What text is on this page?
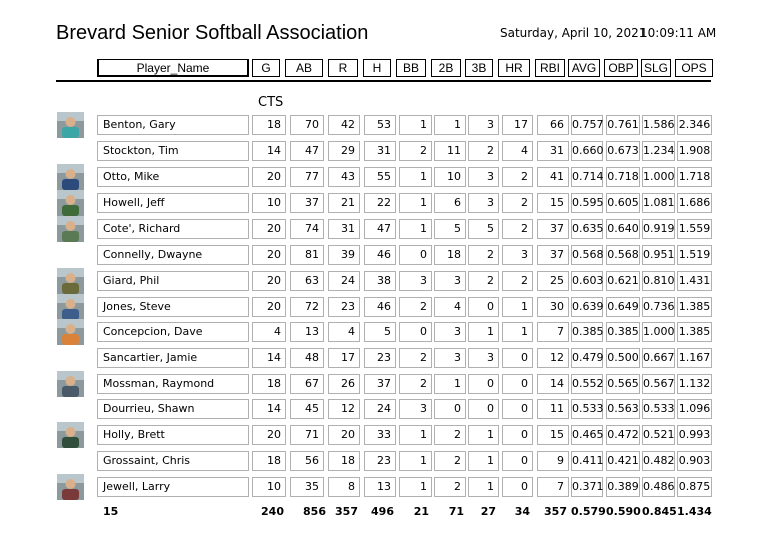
Brevard Senior Softball Association	Saturday, April 10, 2021
10:09:11 AM
Player_Name	G	AB	R	H	BB	2B	3B	HR	RBI AVG	OBP SLG	OPS
CTS
Benton, Gary	18	70	42	53	1	1	3	17	66 0.757 0.761 1.586 2.346
Stockton, Tim	14	47	29	31	2	11	2	4	31 0.660 0.673 1.234 1.908
Otto, Mike	20	77	43	55	1	10	3	2	41 0.714 0.718 1.000 1.718
Howell, Jeff	10	37	21	22	1	6	3	2	15 0.595 0.605 1.081 1.686
Cote', Richard	20	74	31	47	1	5	5	2	37 0.635 0.640 0.919 1.559
Connelly, Dwayne	20	81	39	46	0	18	2	3	37 0.568 0.568 0.951 1.519
Giard, Phil	20	63	24	38	3	3	2	2	25 0.603 0.621 0.810 1.431
Jones, Steve	20	72	23	46	2	4	0	1	30 0.639 0.649 0.736 1.385
Concepcion, Dave	4	13	4	5	0	3	1	1	7 0.385 0.385 1.000 1.385
Sancartier, Jamie	14	48	17	23	2	3	3	0	12 0.479 0.500 0.667 1.167
Mossman, Raymond	18	67	26	37	2	1	0	0	14 0.552 0.565 0.567 1.132
Dourrieu, Shawn	14	45	12	24	3	0	0	0	11 0.533 0.563 0.533 1.096
Holly, Brett	20	71	20	33	1	2	1	0	15 0.465 0.472 0.521 0.993
Grossaint, Chris	18	56	18	23	1	2	1	0	9 0.411 0.421 0.482 0.903
Jewell, Larry	10	35	8	13	1	2	1	0	7 0.371 0.389 0.486 0.875
15	240	856 357	496	21	71	27	34	357 0.579 0.590 0.845 1.434
